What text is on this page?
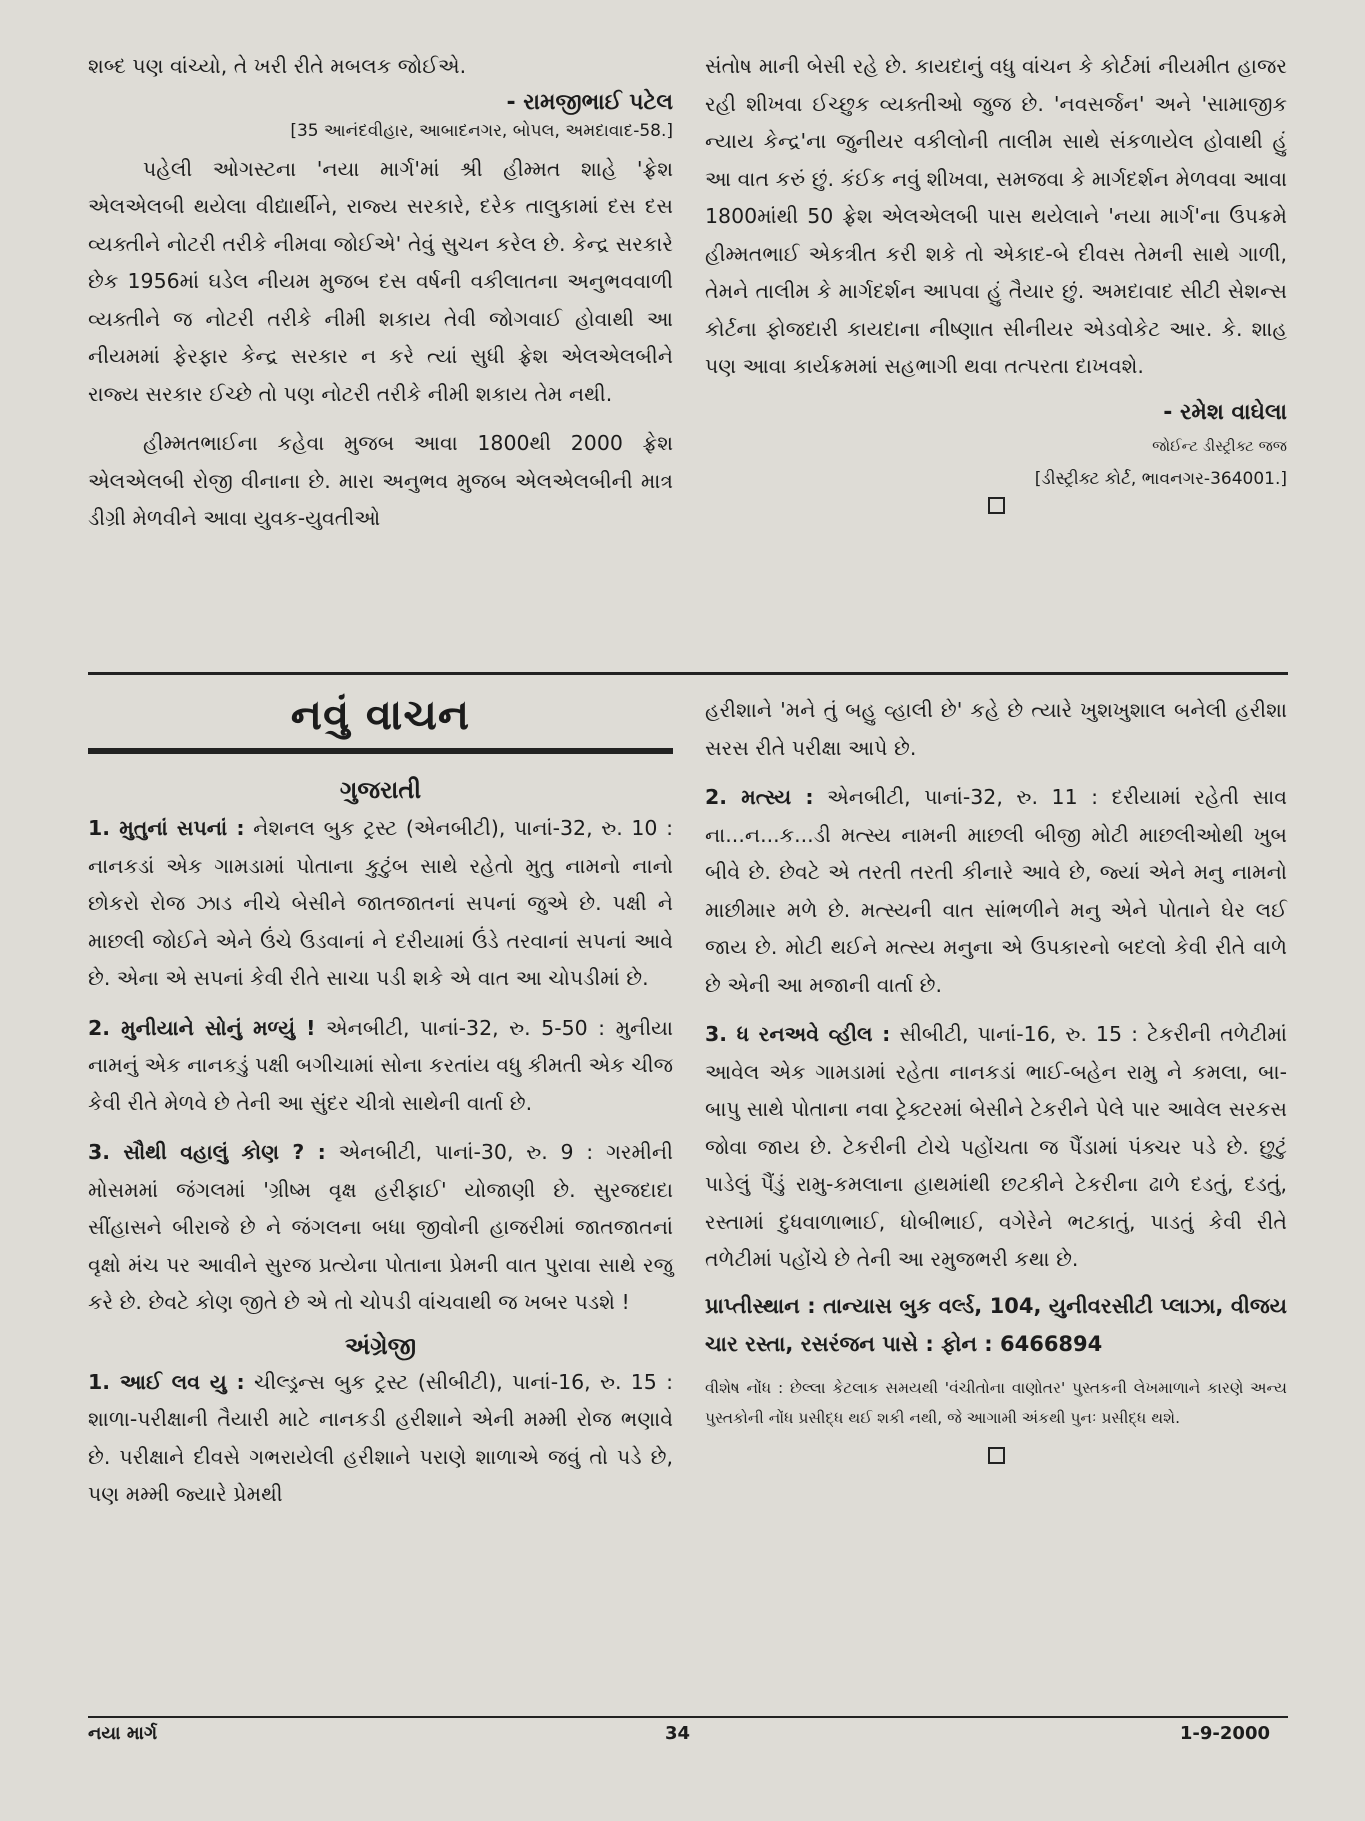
શબ્દ પણ વાંચ્યો, તે ખરી રીતે મબલક જોઈએ.

- રામજીભાઈ પટેલ

[35 આનંદવીહાર, આબાદનગર, બોપલ, અમદાવાદ-58.]

પહેલી ઓગસ્ટના 'નયા માર્ગ'માં શ્રી હીમ્મત શાહે 'ફ્રેશ એલએલબી થયેલા વીદ્યાર્થીને, રાજ્ય સરકારે, દરેક તાલુકામાં દસ દસ વ્યક્તીને નોટરી તરીકે નીમવા જોઈએ' તેવું સુચન કરેલ છે. કેન્દ્ર સરકારે છેક 1956માં ઘડેલ નીયમ મુજબ દસ વર્ષની વકીલાતના અનુભવવાળી વ્યક્તીને જ નોટરી તરીકે નીમી શકાય તેવી જોગવાઈ હોવાથી આ નીયમમાં ફેરફાર કેન્દ્ર સરકાર ન કરે ત્યાં સુધી ફ્રેશ એલએલબીને રાજ્ય સરકાર ઈચ્છે તો પણ નોટરી તરીકે નીમી શકાય તેમ નથી.

હીમ્મતભાઈના કહેવા મુજબ આવા 1800થી 2000 ફ્રેશ એલએલબી રોજી વીનાના છે. મારા અનુભવ મુજબ એલએલબીની માત્ર ડીગ્રી મેળવીને આવા યુવક-યુવતીઓ

સંતોષ માની બેસી રહે છે. કાયદાનું વધુ વાંચન કે કોર્ટમાં નીયમીત હાજર રહી શીખવા ઈચ્છુક વ્યક્તીઓ જુજ છે. 'નવસર્જન' અને 'સામાજીક ન્યાય કેન્દ્ર'ના જુનીયર વકીલોની તાલીમ સાથે સંકળાયેલ હોવાથી હું આ વાત કરું છું. કંઈક નવું શીખવા, સમજવા કે માર્ગદર્શન મેળવવા આવા 1800માંથી 50 ફ્રેશ એલએલબી પાસ થયેલાને 'નયા માર્ગ'ના ઉપક્રમે હીમ્મતભાઈ એકત્રીત કરી શકે તો એકાદ-બે દીવસ તેમની સાથે ગાળી, તેમને તાલીમ કે માર્ગદર્શન આપવા હું તૈયાર છું. અમદાવાદ સીટી સેશન્સ કોર્ટના ફોજદારી કાયદાના નીષ્ણાત સીનીયર એડવોકેટ આર. કે. શાહ પણ આવા કાર્યક્રમમાં સહભાગી થવા તત્પરતા દાખવશે.

- રમેશ વાઘેલા

જોઈન્ટ ડીસ્ટ્રીક્ટ જજ

[ડીસ્ટ્રીક્ટ કોર્ટ, ભાવનગર-364001.]

નવું વાચન

ગુજરાતી

1. મુતુનાં સપનાં : નેશનલ બુક ટ્રસ્ટ (એનબીટી), પાનાં-32, રુ. 10 : નાનકડાં એક ગામડામાં પોતાના કુટુંબ સાથે રહેતો મુતુ નામનો નાનો છોકરો રોજ ઝાડ નીચે બેસીને જાતજાતનાં સપનાં જુએ છે. પક્ષી ને માછલી જોઈને એને ઉંચે ઉડવાનાં ને દરીયામાં ઉંડે તરવાનાં સપનાં આવે છે. એના એ સપનાં કેવી રીતે સાચા પડી શકે એ વાત આ ચોપડીમાં છે.

2. મુનીયાને સોનું મળ્યું ! એનબીટી, પાનાં-32, રુ. 5-50 : મુનીયા નામનું એક નાનકડું પક્ષી બગીચામાં સોના કરતાંય વધુ કીમતી એક ચીજ કેવી રીતે મેળવે છે તેની આ સુંદર ચીત્રો સાથેની વાર્તા છે.

3. સૌથી વહાલું કોણ ? : એનબીટી, પાનાં-30, રુ. 9 : ગરમીની મોસમમાં જંગલમાં 'ગ્રીષ્મ વૃક્ષ હરીફાઈ' યોજાણી છે. સુરજદાદા સીંહાસને બીરાજે છે ને જંગલના બધા જીવોની હાજરીમાં જાતજાતનાં વૃક્ષો મંચ પર આવીને સુરજ પ્રત્યેના પોતાના પ્રેમની વાત પુરાવા સાથે રજુ કરે છે. છેવટે કોણ જીતે છે એ તો ચોપડી વાંચવાથી જ ખબર પડશે !

અંગ્રેજી

1. આઈ લવ યુ : ચીલ્ડ્રન્સ બુક ટ્રસ્ટ (સીબીટી), પાનાં-16, રુ. 15 : શાળા-પરીક્ષાની તૈયારી માટે નાનકડી હરીશાને એની મમ્મી રોજ ભણાવે છે. પરીક્ષાને દીવસે ગભરાયેલી હરીશાને પરાણે શાળાએ જવું તો પડે છે, પણ મમ્મી જ્યારે પ્રેમથી

હરીશાને 'મને તું બહુ વ્હાલી છે' કહે છે ત્યારે ખુશખુશાલ બનેલી હરીશા સરસ રીતે પરીક્ષા આપે છે.

2. મત્સ્ય : એનબીટી, પાનાં-32, રુ. 11 : દરીયામાં રહેતી સાવ ના...ન...ક...ડી મત્સ્ય નામની માછલી બીજી મોટી માછલીઓથી ખુબ બીવે છે. છેવટે એ તરતી તરતી કીનારે આવે છે, જ્યાં એને મનુ નામનો માછીમાર મળે છે. મત્સ્યની વાત સાંભળીને મનુ એને પોતાને ઘેર લઈ જાય છે. મોટી થઈને મત્સ્ય મનુના એ ઉપકારનો બદલો કેવી રીતે વાળે છે એની આ મજાની વાર્તા છે.

3. ધ રનઅવે વ્હીલ : સીબીટી, પાનાં-16, રુ. 15 : ટેકરીની તળેટીમાં આવેલ એક ગામડામાં રહેતા નાનકડાં ભાઈ-બહેન રામુ ને કમલા, બા-બાપુ સાથે પોતાના નવા ટ્રેક્ટરમાં બેસીને ટેકરીને પેલે પાર આવેલ સરકસ જોવા જાય છે. ટેકરીની ટોચે પહોંચતા જ પૈંડામાં પંક્ચર પડે છે. છુટું પાડેલું પૈંડું રામુ-કમલાના હાથમાંથી છટકીને ટેકરીના ઢાળે દડતું, દડતું, રસ્તામાં દુધવાળાભાઈ, ધોબીભાઈ, વગેરેને ભટકાતું, પાડતું કેવી રીતે તળેટીમાં પહોંચે છે તેની આ રમુજભરી કથા છે.

પ્રાપ્તીસ્થાન : તાન્યાસ બુક વર્લ્ડ, 104, યુનીવરસીટી પ્લાઝા, વીજય ચાર રસ્તા, રસરંજન પાસે : ફોન : 6466894

વીશેષ નોંધ : છેલ્લા કેટલાક સમયથી 'વંચીતોના વાણોતર' પુસ્તકની લેખમાળાને કારણે અન્ય પુસ્તકોની નોંધ પ્રસીદ્ધ થઈ શકી નથી, જે આગામી અંકથી પુનઃ પ્રસીદ્ધ થશે.

નયા માર્ગ	34	1-9-2000
